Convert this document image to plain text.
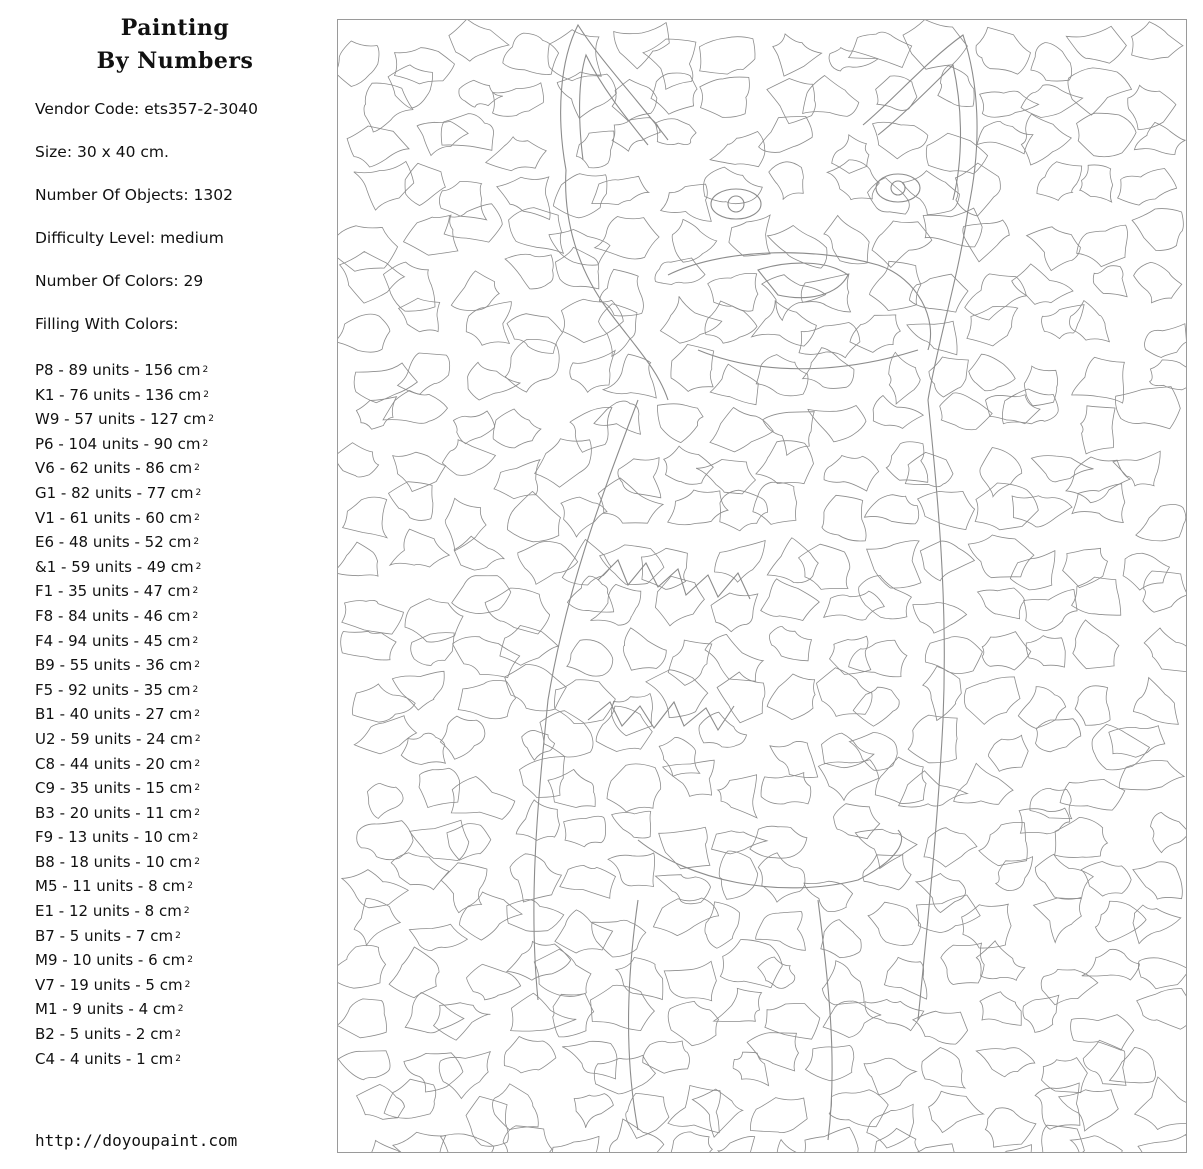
Painting
By Numbers
Vendor Code: ets357-2-3040
Size: 30 x 40 cm.
Number Of Objects: 1302
Difficulty Level: medium
Number Of Colors: 29
Filling With Colors:
P8 - 89 units - 156 cm $^2$
K1 - 76 units - 136 cm $^2$
W9 - 57 units - 127 cm $^2$
P6 - 104 units - 90 cm $^2$
V6 - 62 units - 86 cm $^2$
G1 - 82 units - 77 cm $^2$
V1 - 61 units - 60 cm $^2$
E6 - 48 units - 52 cm $^2$
&1 - 59 units - 49 cm $^2$
F1 - 35 units - 47 cm $^2$
F8 - 84 units - 46 cm $^2$
F4 - 94 units - 45 cm $^2$
B9 - 55 units - 36 cm $^2$
F5 - 92 units - 35 cm $^2$
B1 - 40 units - 27 cm $^2$
U2 - 59 units - 24 cm $^2$
C8 - 44 units - 20 cm $^2$
C9 - 35 units - 15 cm $^2$
B3 - 20 units - 11 cm $^2$
F9 - 13 units - 10 cm $^2$
B8 - 18 units - 10 cm $^2$
M5 - 11 units - 8 cm $^2$
E1 - 12 units - 8 cm $^2$
B7 - 5 units - 7 cm $^2$
M9 - 10 units - 6 cm $^2$
V7 - 19 units - 5 cm $^2$
M1 - 9 units - 4 cm $^2$
B2 - 5 units - 2 cm $^2$
C4 - 4 units - 1 cm $^2$
http://doyoupaint.com
